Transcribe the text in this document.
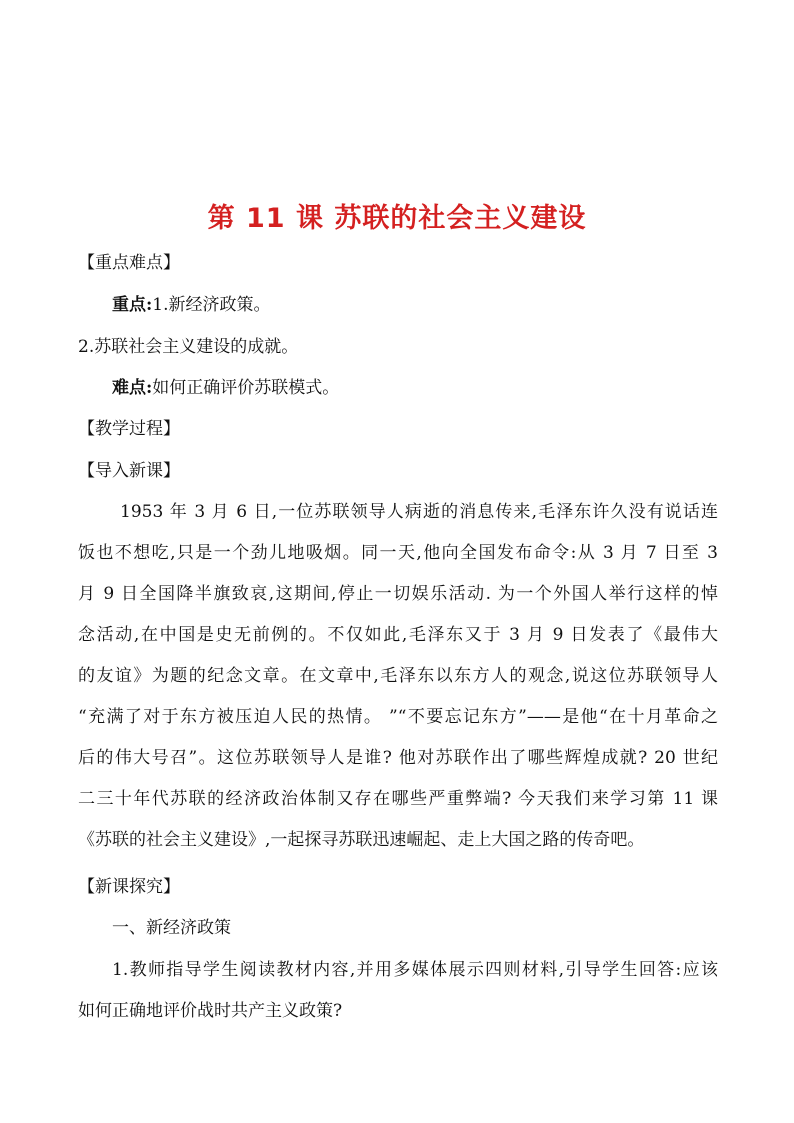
第 11 课 苏联的社会主义建设
【重点难点】
重点:1.新经济政策。
2.苏联社会主义建设的成就。
难点:如何正确评价苏联模式。
【教学过程】
【导入新课】
1953 年 3 月 6 日,一位苏联领导人病逝的消息传来,毛泽东许久没有说话连
饭也不想吃,只是一个劲儿地吸烟。同一天,他向全国发布命令:从 3 月 7 日至 3
月 9 日全国降半旗致哀,这期间,停止一切娱乐活动. 为一个外国人举行这样的悼
念活动,在中国是史无前例的。不仅如此,毛泽东又于 3 月 9 日发表了《最伟大
的友谊》为题的纪念文章。在文章中,毛泽东以东方人的观念,说这位苏联领导人
“充满了对于东方被压迫人民的热情。 ”“不要忘记东方”——是他“在十月革命之
后的伟大号召”。这位苏联领导人是谁? 他对苏联作出了哪些辉煌成就? 20 世纪
二三十年代苏联的经济政治体制又存在哪些严重弊端? 今天我们来学习第 11 课
《苏联的社会主义建设》,一起探寻苏联迅速崛起、走上大国之路的传奇吧。
【新课探究】
一、新经济政策
1.教师指导学生阅读教材内容,并用多媒体展示四则材料,引导学生回答:应该
如何正确地评价战时共产主义政策?
